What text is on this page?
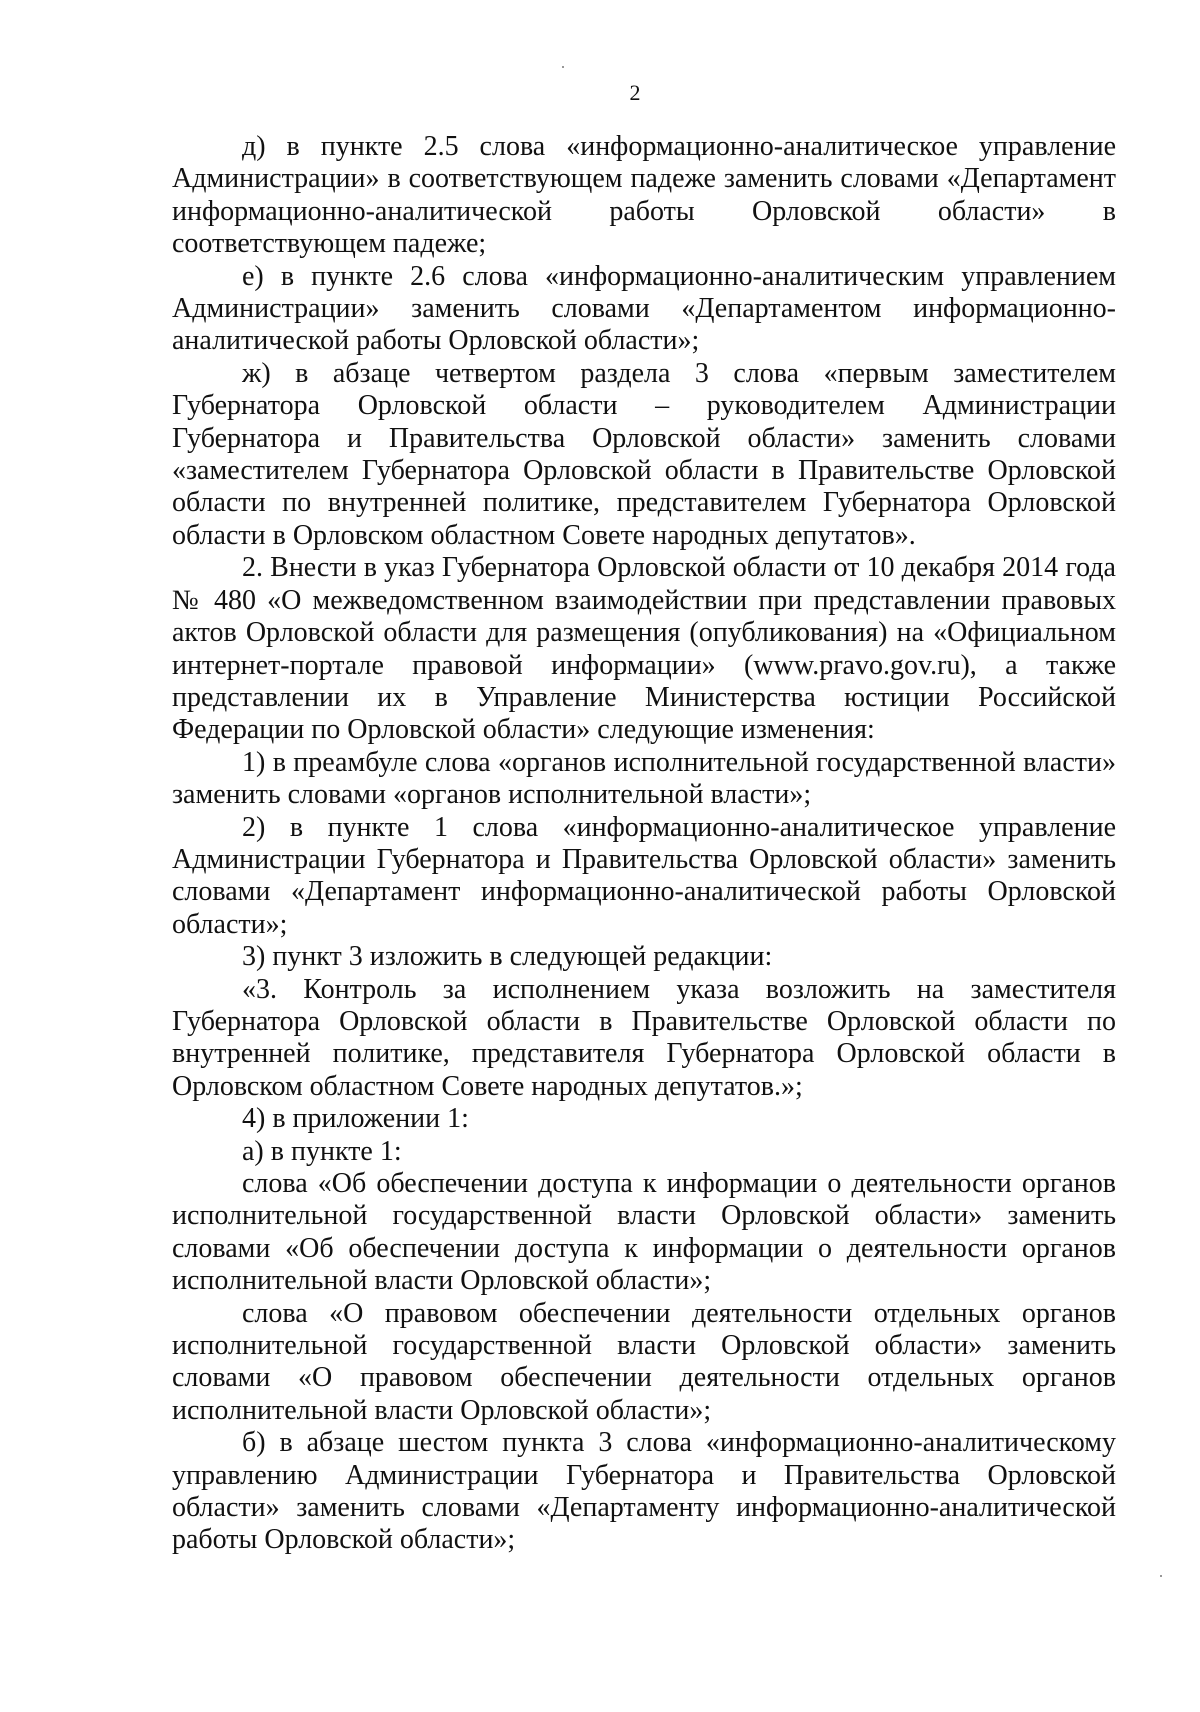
2

д) в пункте 2.5 слова «информационно-аналитическое управление Администрации» в соответствующем падеже заменить словами «Департамент информационно-аналитической работы Орловской области» в соответствующем падеже;

е) в пункте 2.6 слова «информационно-аналитическим управлением Администрации» заменить словами «Департаментом информационно-аналитической работы Орловской области»;

ж) в абзаце четвертом раздела 3 слова «первым заместителем Губернатора Орловской области – руководителем Администрации Губернатора и Правительства Орловской области» заменить словами «заместителем Губернатора Орловской области в Правительстве Орловской области по внутренней политике, представителем Губернатора Орловской области в Орловском областном Совете народных депутатов».

2. Внести в указ Губернатора Орловской области от 10 декабря 2014 года № 480 «О межведомственном взаимодействии при представлении правовых актов Орловской области для размещения (опубликования) на «Официальном интернет-портале правовой информации» (www.pravo.gov.ru), а также представлении их в Управление Министерства юстиции Российской Федерации по Орловской области» следующие изменения:

1) в преамбуле слова «органов исполнительной государственной власти» заменить словами «органов исполнительной власти»;

2) в пункте 1 слова «информационно-аналитическое управление Администрации Губернатора и Правительства Орловской области» заменить словами «Департамент информационно-аналитической работы Орловской области»;

3) пункт 3 изложить в следующей редакции:

«3. Контроль за исполнением указа возложить на заместителя Губернатора Орловской области в Правительстве Орловской области по внутренней политике, представителя Губернатора Орловской области в Орловском областном Совете народных депутатов.»;

4) в приложении 1:

а) в пункте 1:

слова «Об обеспечении доступа к информации о деятельности органов исполнительной государственной власти Орловской области» заменить словами «Об обеспечении доступа к информации о деятельности органов исполнительной власти Орловской области»;

слова «О правовом обеспечении деятельности отдельных органов исполнительной государственной власти Орловской области» заменить словами «О правовом обеспечении деятельности отдельных органов исполнительной власти Орловской области»;

б) в абзаце шестом пункта 3 слова «информационно-аналитическому управлению Администрации Губернатора и Правительства Орловской области» заменить словами «Департаменту информационно-аналитической работы Орловской области»;
